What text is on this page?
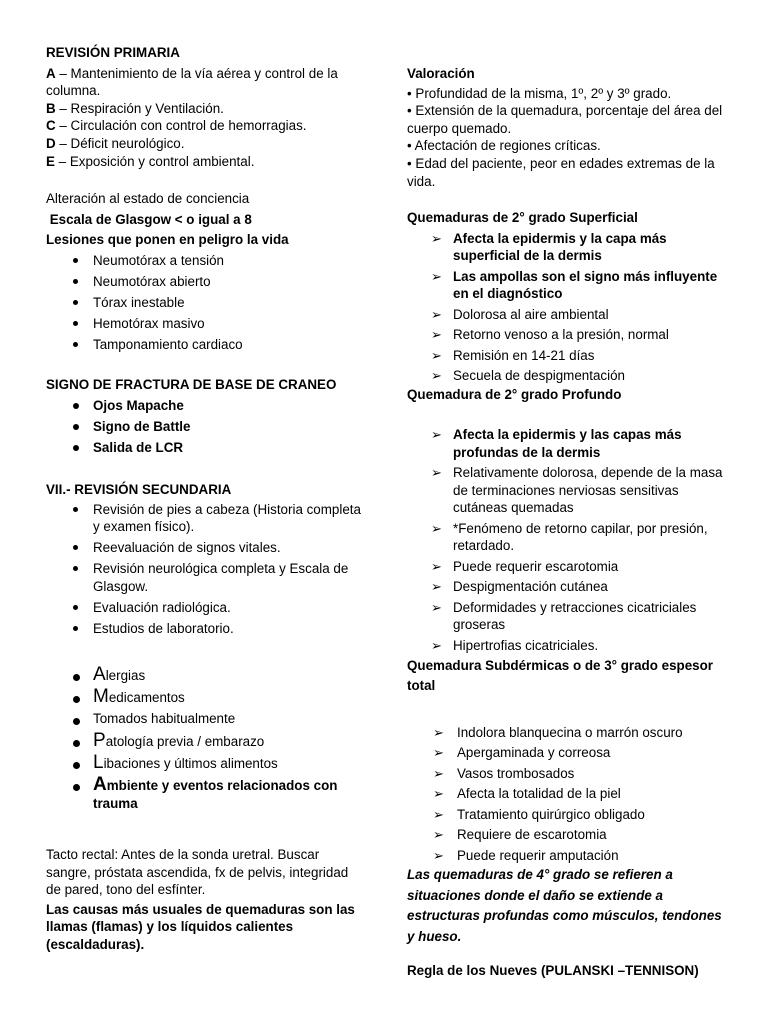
REVISIÓN PRIMARIA

A – Mantenimiento de la vía aérea y control de la columna.

B – Respiración y Ventilación.

C – Circulación con control de hemorragias.

D – Déficit neurológico.

E – Exposición y control ambiental.

Alteración al estado de conciencia

Escala de Glasgow < o igual a 8

Lesiones que ponen en peligro la vida

Neumotórax a tensión
Neumotórax abierto
Tórax inestable
Hemotórax masivo
Tamponamiento cardiaco

SIGNO DE FRACTURA DE BASE DE CRANEO

Ojos Mapache
Signo de Battle
Salida de LCR

VII.- REVISIÓN SECUNDARIA

Revisión de pies a cabeza (Historia completa y examen físico).
Reevaluación de signos vitales.
Revisión neurológica completa y Escala de Glasgow.
Evaluación radiológica.
Estudios de laboratorio.
Alergias
Medicamentos
Tomados habitualmente
Patología previa / embarazo
Libaciones y últimos alimentos
Ambiente y eventos relacionados con trauma

Tacto rectal: Antes de la sonda uretral. Buscar sangre, próstata ascendida, fx de pelvis, integridad de pared, tono del esfínter.

Las causas más usuales de quemaduras son las llamas (flamas) y los líquidos calientes (escaldaduras).

Valoración

• Profundidad de la misma, 1º, 2º y 3º grado.

• Extensión de la quemadura, porcentaje del área del cuerpo quemado.

• Afectación de regiones críticas.

• Edad del paciente, peor en edades extremas de la vida.

Quemaduras de 2° grado Superficial

➢ Afecta la epidermis y la capa más superficial de la dermis
➢ Las ampollas son el signo más influyente en el diagnóstico
➢ Dolorosa al aire ambiental
➢ Retorno venoso a la presión, normal
➢ Remisión en 14-21 días
➢ Secuela de despigmentación

Quemadura de 2° grado Profundo

➢ Afecta la epidermis y las capas más profundas de la dermis
➢ Relativamente dolorosa, depende de la masa de terminaciones nerviosas sensitivas cutáneas quemadas
➢ *Fenómeno de retorno capilar, por presión, retardado.
➢ Puede requerir escarotomia
➢ Despigmentación cutánea
➢ Deformidades y retracciones cicatriciales groseras
➢ Hipertrofias cicatriciales.

Quemadura Subdérmicas o de 3° grado espesor total

➢ Indolora blanquecina o marrón oscuro
➢ Apergaminada y correosa
➢ Vasos trombosados
➢ Afecta la totalidad de la piel
➢ Tratamiento quirúrgico obligado
➢ Requiere de escarotomia
➢ Puede requerir amputación

Las quemaduras de 4° grado se refieren a situaciones donde el daño se extiende a estructuras profundas como músculos, tendones y hueso.

Regla de los Nueves (PULANSKI –TENNISON)
